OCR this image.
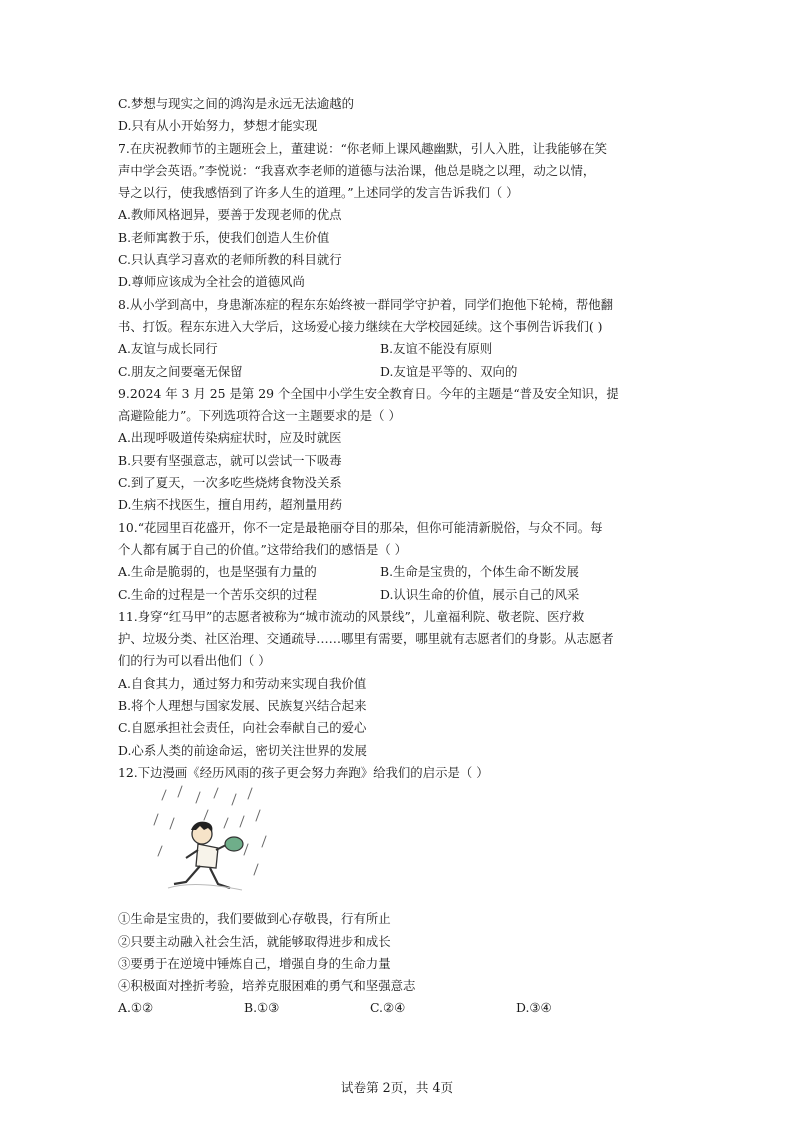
C.梦想与现实之间的鸿沟是永远无法逾越的
D.只有从小开始努力，梦想才能实现
7.在庆祝教师节的主题班会上，董建说：“你老师上课风趣幽默，引人入胜，让我能够在笑
声中学会英语。”李悦说：“我喜欢李老师的道德与法治课，他总是晓之以理，动之以情，
导之以行，使我感悟到了许多人生的道理。”上述同学的发言告诉我们（ ）
A.教师风格迥异，要善于发现老师的优点
B.老师寓教于乐，使我们创造人生价值
C.只认真学习喜欢的老师所教的科目就行
D.尊师应该成为全社会的道德风尚
8.从小学到高中，身患渐冻症的程东东始终被一群同学守护着，同学们抱他下轮椅，帮他翻
书、打饭。程东东进入大学后，这场爱心接力继续在大学校园延续。这个事例告诉我们( )
A.友谊与成长同行	B.友谊不能没有原则
C.朋友之间要毫无保留	D.友谊是平等的、双向的
9.2024 年 3 月 25 是第 29 个全国中小学生安全教育日。今年的主题是“普及安全知识，提
高避险能力”。下列选项符合这一主题要求的是（ ）
A.出现呼吸道传染病症状时，应及时就医
B.只要有坚强意志，就可以尝试一下吸毒
C.到了夏天，一次多吃些烧烤食物没关系
D.生病不找医生，擅自用药，超剂量用药
10.“花园里百花盛开，你不一定是最艳丽夺目的那朵，但你可能清新脱俗，与众不同。每
个人都有属于自己的价值。”这带给我们的感悟是（ ）
A.生命是脆弱的，也是坚强有力量的	B.生命是宝贵的，个体生命不断发展
C.生命的过程是一个苦乐交织的过程	D.认识生命的价值，展示自己的风采
11.身穿“红马甲”的志愿者被称为“城市流动的风景线”，儿童福利院、敬老院、医疗救
护、垃圾分类、社区治理、交通疏导……哪里有需要，哪里就有志愿者们的身影。从志愿者
们的行为可以看出他们（ ）
A.自食其力，通过努力和劳动来实现自我价值
B.将个人理想与国家发展、民族复兴结合起来
C.自愿承担社会责任，向社会奉献自己的爱心
D.心系人类的前途命运，密切关注世界的发展
12.下边漫画《经历风雨的孩子更会努力奔跑》给我们的启示是（ ）
①生命是宝贵的，我们要做到心存敬畏，行有所止
②只要主动融入社会生活，就能够取得进步和成长
③要勇于在逆境中锤炼自己，增强自身的生命力量
④积极面对挫折考验，培养克服困难的勇气和坚强意志
A.①②	B.①③	C.②④	D.③④
试卷第 2页，共 4页
